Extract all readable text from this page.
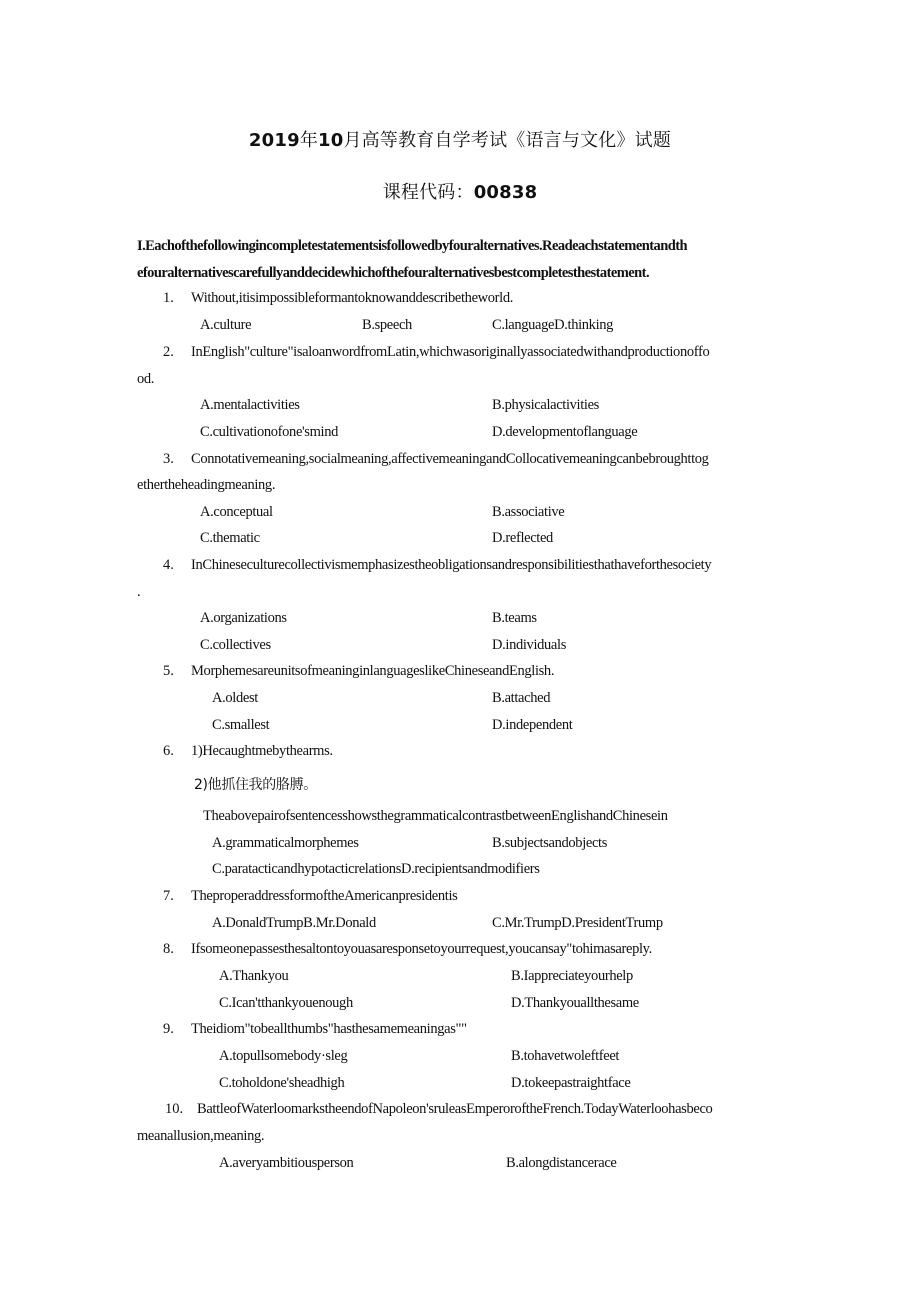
2019年10月高等教育自学考试《语言与文化》试题
课程代码：00838
I.Eachofthefollowingincompletestatementsisfollowedbyfouralternatives.Readeachstatementandth
efouralternativescarefullyanddecidewhichofthefouralternativesbestcompletesthestatement.
1. Without,itisimpossibleformantoknowanddescribetheworld.
A.culture	B.speech	C.languageD.thinking
2. InEnglish"culture"isaloanwordfromLatin,whichwasoriginallyassociatedwithandproductionoffo
od.
A.mentalactivities	B.physicalactivities
C.cultivationofone'smind	D.developmentoflanguage
3. Connotativemeaning,socialmeaning,affectivemeaningandCollocativemeaningcanbebroughttog
ethertheheadingmeaning.
A.conceptual	B.associative
C.thematic	D.reflected
4. InChineseculturecollectivismemphasizestheobligationsandresponsibilitiesthathaveforthesociety
.
A.organizations	B.teams
C.collectives	D.individuals
5. MorphemesareunitsofmeaninginlanguageslikeChineseandEnglish.
A.oldest	B.attached
C.smallest	D.independent
6. 1)Hecaughtmebythearms.
2)他抓住我的胳膊。
TheabovepairofsentencesshowsthegrammaticalcontrastbetweenEnglishandChinesein
A.grammaticalmorphemes	B.subjectsandobjects
C.paratacticandhypotacticrelationsD.recipientsandmodifiers
7. TheproperaddressformoftheAmericanpresidentis
A.DonaldTrumpB.Mr.Donald	C.Mr.TrumpD.PresidentTrump
8. Ifsomeonepassesthesaltontoyouasaresponsetoyourrequest,youcansay"tohimasareply.
A.Thankyou	B.Iappreciateyourhelp
C.Ican'tthankyouenough	D.Thankyouallthesame
9. Theidiom"tobeallthumbs"hasthesamemeaningas""
A.topullsomebody·sleg	B.tohavetwoleftfeet
C.toholdone'sheadhigh	D.tokeepastraightface
10. BattleofWaterloomarkstheendofNapoleon'sruleasEmperoroftheFrench.TodayWaterloohasbeco
meanallusion,meaning.
A.averyambitiousperson	B.alongdistancerace
